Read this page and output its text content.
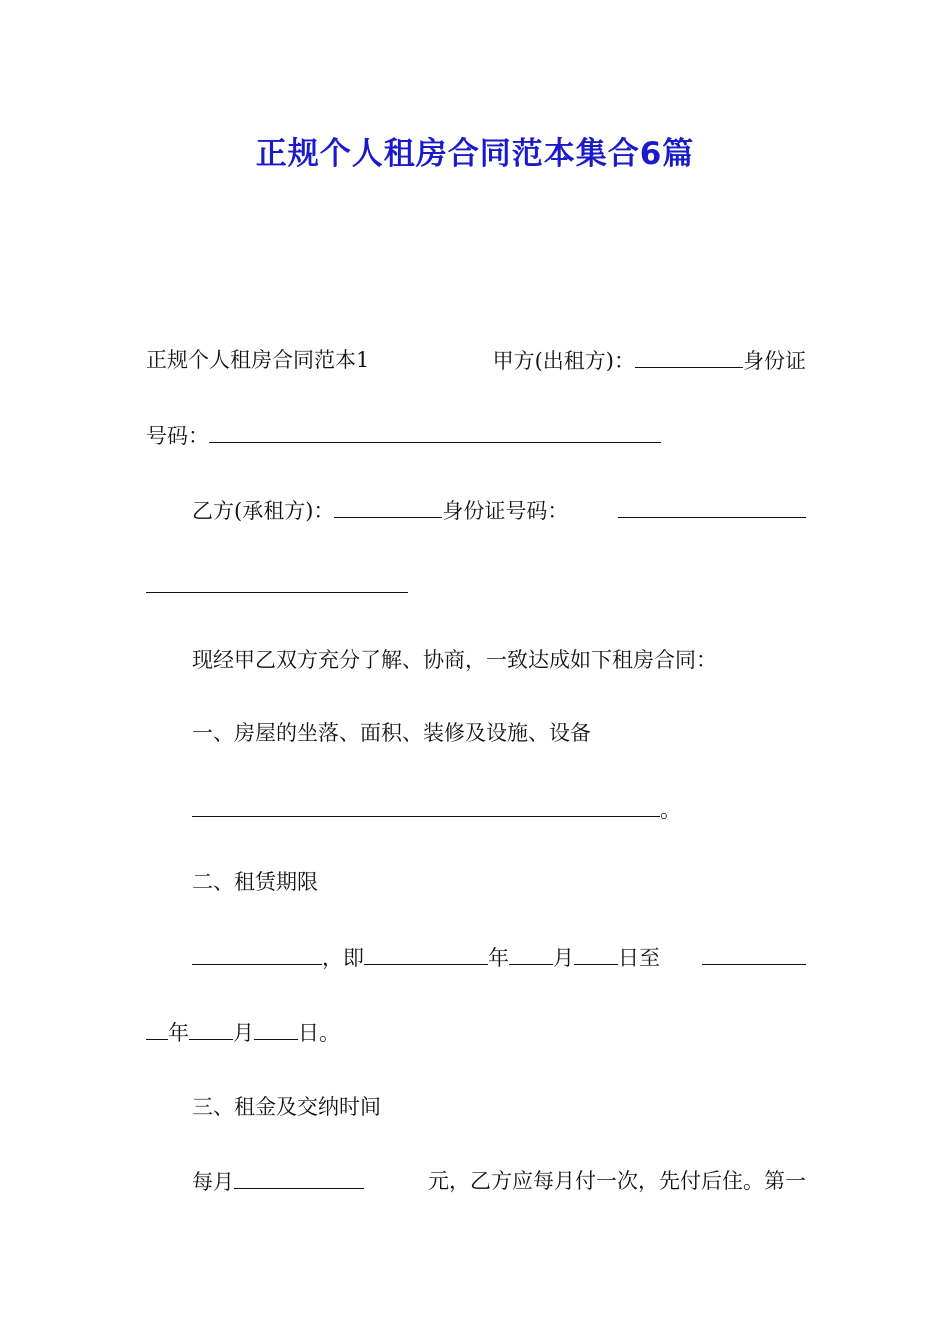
正规个人租房合同范本集合6篇
正规个人租房合同范本1	甲方(出租方)：	身份证
号码：
乙方(承租方)：	身份证号码：
现经甲乙双方充分了解、协商，一致达成如下租房合同：
一、房屋的坐落、面积、装修及设施、设备
。
二、租赁期限
，即	年 月 日至
年 月 日。
三、租金及交纳时间
每月	元，乙方应每月付一次，先付后住。第一
